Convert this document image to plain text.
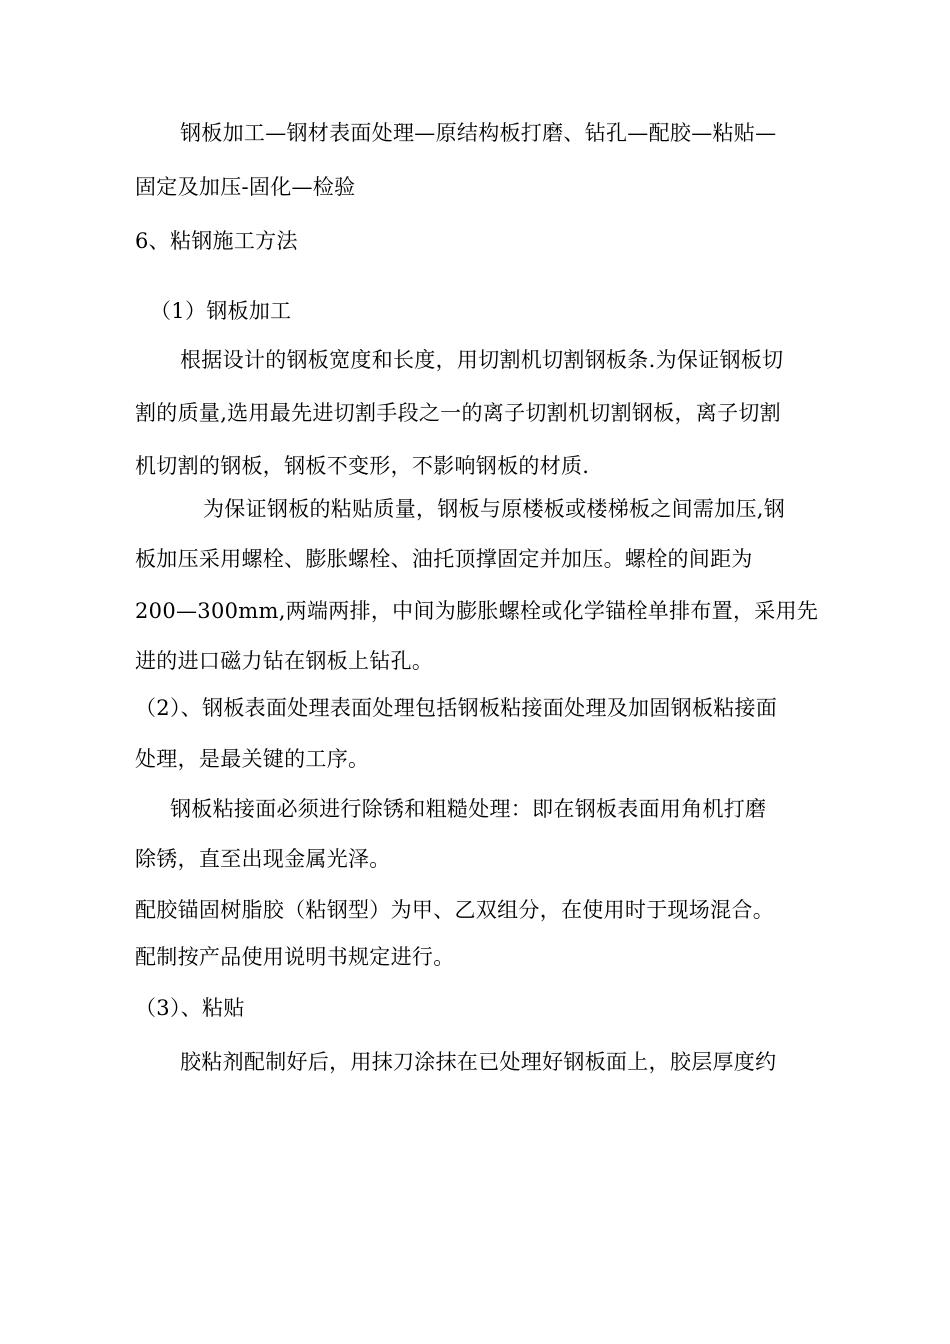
钢板加工—钢材表面处理—原结构板打磨、钻孔—配胶—粘贴—
固定及加压-固化—检验
6、粘钢施工方法
（1）钢板加工
根据设计的钢板宽度和长度，用切割机切割钢板条.为保证钢板切
割的质量,选用最先进切割手段之一的离子切割机切割钢板，离子切割
机切割的钢板，钢板不变形，不影响钢板的材质.
为保证钢板的粘贴质量，钢板与原楼板或楼梯板之间需加压,钢
板加压采用螺栓、膨胀螺栓、油托顶撑固定并加压。螺栓的间距为
200—300mm,两端两排，中间为膨胀螺栓或化学锚栓单排布置，采用先
进的进口磁力钻在钢板上钻孔。
（2）、钢板表面处理表面处理包括钢板粘接面处理及加固钢板粘接面
处理，是最关键的工序。
钢板粘接面必须进行除锈和粗糙处理：即在钢板表面用角机打磨
除锈，直至出现金属光泽。
配胶锚固树脂胶（粘钢型）为甲、乙双组分，在使用时于现场混合。
配制按产品使用说明书规定进行。
（3）、粘贴
胶粘剂配制好后，用抹刀涂抹在已处理好钢板面上，胶层厚度约
